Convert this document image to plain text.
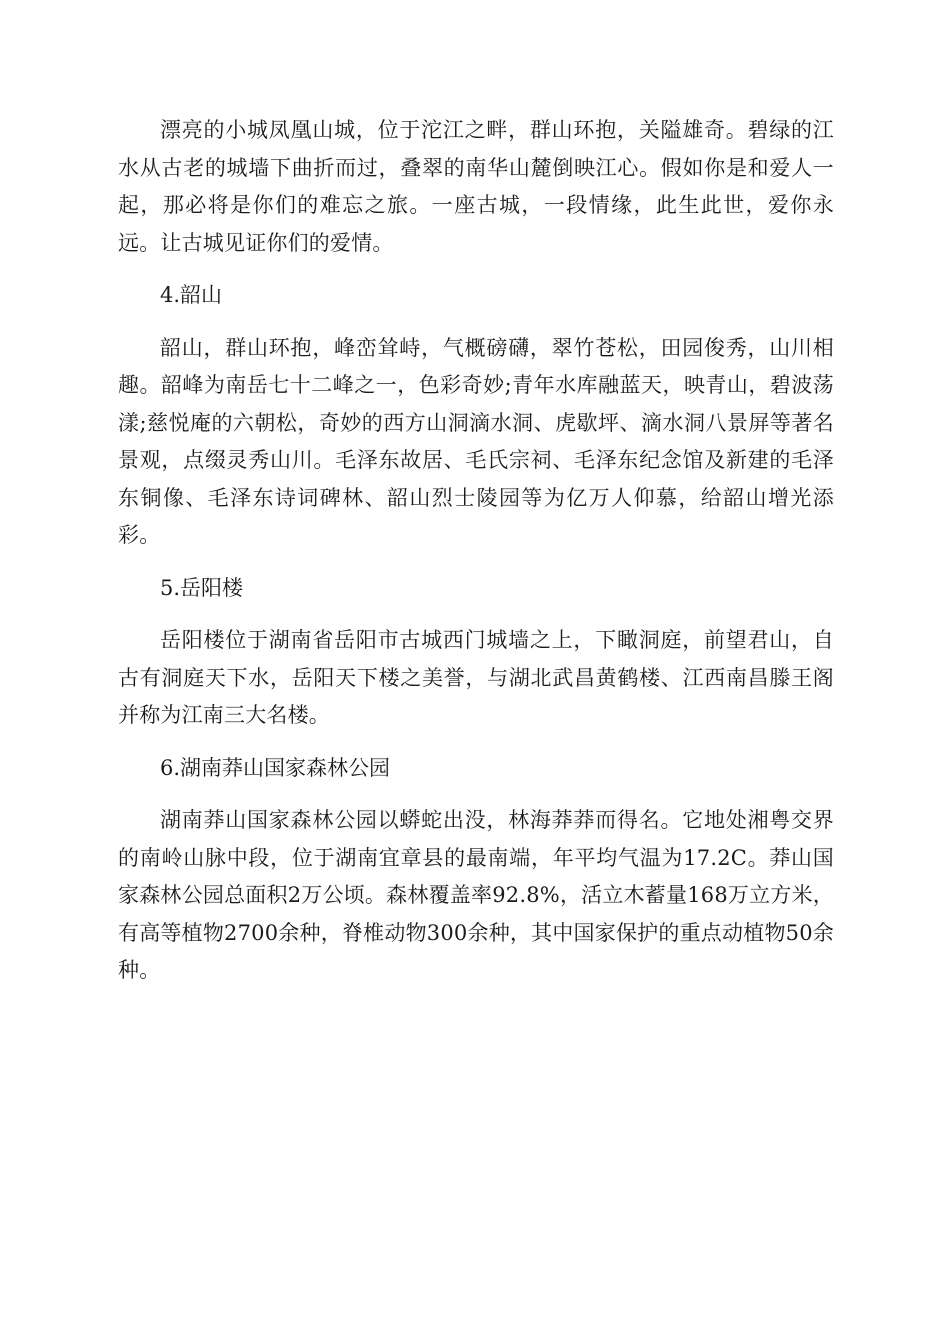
漂亮的小城凤凰山城，位于沱江之畔，群山环抱，关隘雄奇。碧绿的江水从古老的城墙下曲折而过，叠翠的南华山麓倒映江心。假如你是和爱人一起，那必将是你们的难忘之旅。一座古城，一段情缘，此生此世，爱你永远。让古城见证你们的爱情。

4.韶山

韶山，群山环抱，峰峦耸峙，气概磅礴，翠竹苍松，田园俊秀，山川相趣。韶峰为南岳七十二峰之一，色彩奇妙;青年水库融蓝天，映青山，碧波荡漾;慈悦庵的六朝松，奇妙的西方山洞滴水洞、虎歇坪、滴水洞八景屏等著名景观，点缀灵秀山川。毛泽东故居、毛氏宗祠、毛泽东纪念馆及新建的毛泽东铜像、毛泽东诗词碑林、韶山烈士陵园等为亿万人仰慕，给韶山增光添彩。

5.岳阳楼

岳阳楼位于湖南省岳阳市古城西门城墙之上，下瞰洞庭，前望君山，自古有洞庭天下水，岳阳天下楼之美誉，与湖北武昌黄鹤楼、江西南昌滕王阁并称为江南三大名楼。

6.湖南莽山国家森林公园

湖南莽山国家森林公园以蟒蛇出没，林海莽莽而得名。它地处湘粤交界的南岭山脉中段，位于湖南宜章县的最南端，年平均气温为17.2C。莽山国家森林公园总面积2万公顷。森林覆盖率92.8%，活立木蓄量168万立方米，有高等植物2700余种，脊椎动物300余种，其中国家保护的重点动植物50余种。
